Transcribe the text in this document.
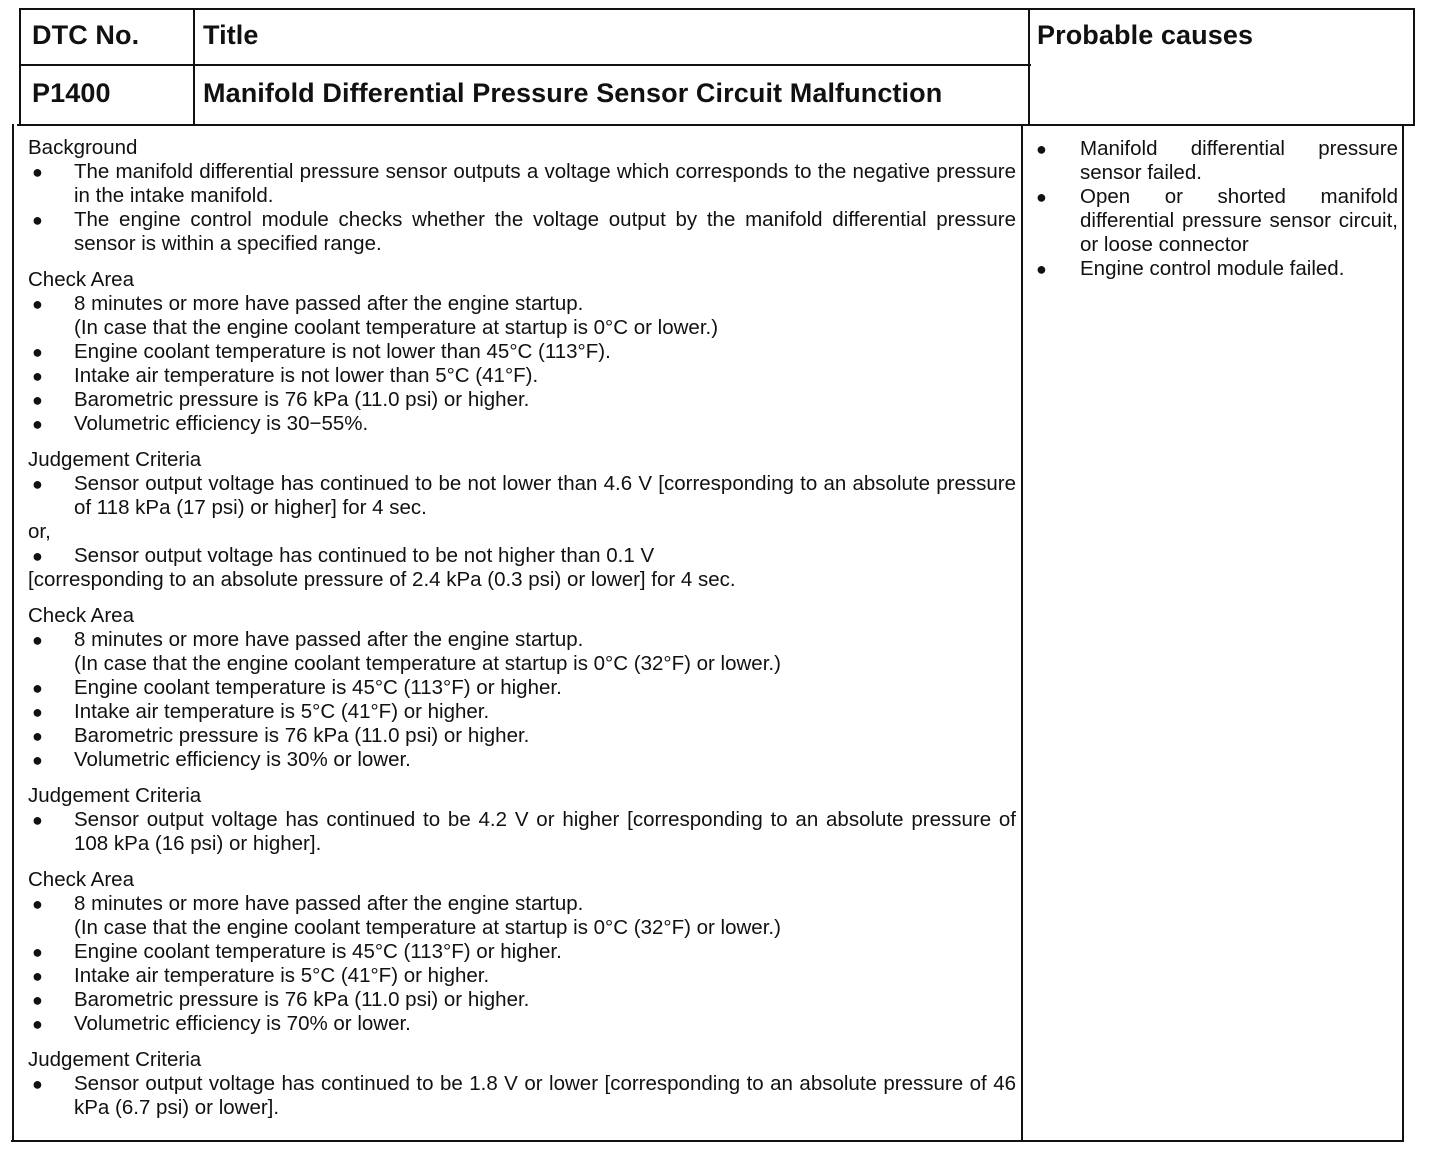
DTC No. Title	Probable causes
P1400	Manifold Differential Pressure Sensor Circuit Malfunction
Background
● The manifold differential pressure sensor outputs a voltage which corresponds to the negative pressure in the intake manifold.
● The engine control module checks whether the voltage output by the manifold differential pressure sensor is within a specified range.
Check Area
● 8 minutes or more have passed after the engine startup.
(In case that the engine coolant temperature at startup is 0°C or lower.)
● Engine coolant temperature is not lower than 45°C (113°F).
● Intake air temperature is not lower than 5°C (41°F).
● Barometric pressure is 76 kPa (11.0 psi) or higher.
● Volumetric efficiency is 30−55%.
Judgement Criteria
● Sensor output voltage has continued to be not lower than 4.6 V [corresponding to an absolute pressure of 118 kPa (17 psi) or higher] for 4 sec.
or,
● Sensor output voltage has continued to be not higher than 0.1 V
[corresponding to an absolute pressure of 2.4 kPa (0.3 psi) or lower] for 4 sec.
Check Area
● 8 minutes or more have passed after the engine startup.
(In case that the engine coolant temperature at startup is 0°C (32°F) or lower.)
● Engine coolant temperature is 45°C (113°F) or higher.
● Intake air temperature is 5°C (41°F) or higher.
● Barometric pressure is 76 kPa (11.0 psi) or higher.
● Volumetric efficiency is 30% or lower.
Judgement Criteria
● Sensor output voltage has continued to be 4.2 V or higher [corresponding to an absolute pressure of 108 kPa (16 psi) or higher].
Check Area
● 8 minutes or more have passed after the engine startup.
(In case that the engine coolant temperature at startup is 0°C (32°F) or lower.)
● Engine coolant temperature is 45°C (113°F) or higher.
● Intake air temperature is 5°C (41°F) or higher.
● Barometric pressure is 76 kPa (11.0 psi) or higher.
● Volumetric efficiency is 70% or lower.
Judgement Criteria
● Sensor output voltage has continued to be 1.8 V or lower [corresponding to an absolute pressure of 46 kPa (6.7 psi) or lower].
● Manifold differential pressure sensor failed.
● Open or shorted manifold differential pressure sensor circuit, or loose connector
● Engine control module failed.
